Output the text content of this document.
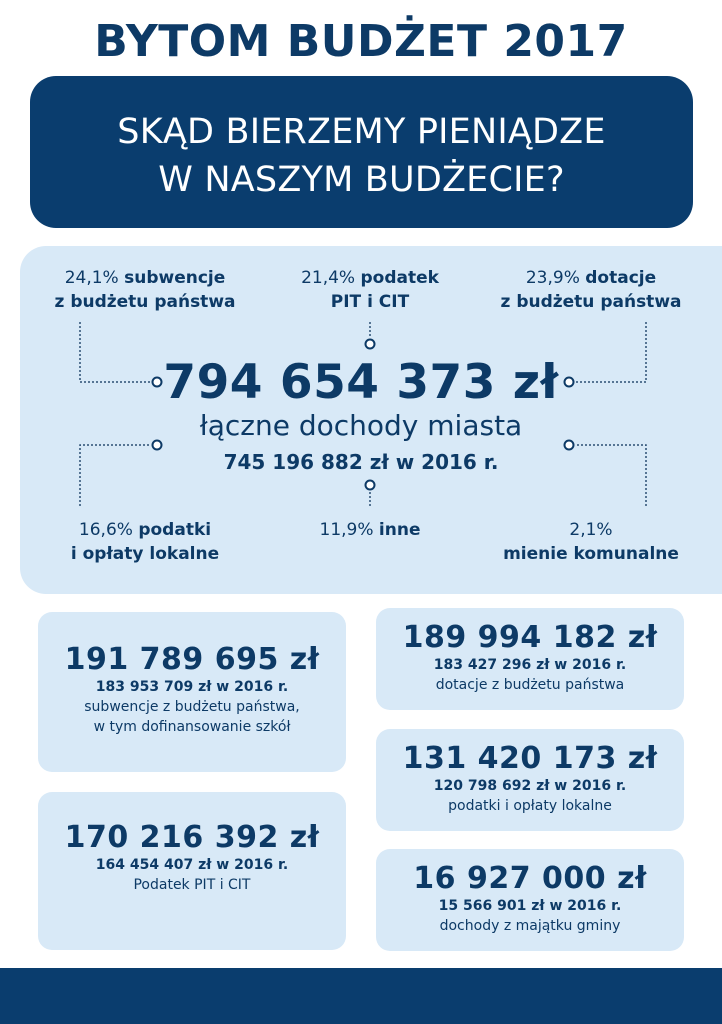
BYTOM BUDŻET 2017
SKĄD BIERZEMY PIENIĄDZE
W NASZYM BUDŻECIE?
24,1% subwencje
z budżetu państwa
21,4% podatek
PIT i CIT
23,9% dotacje
z budżetu państwa
794 654 373 zł
łączne dochody miasta
745 196 882 zł w 2016 r.
16,6% podatki
i opłaty lokalne
11,9% inne	2,1%
mienie komunalne
191 789 695 zł
183 953 709 zł w 2016 r.
subwencje z budżetu państwa,
w tym dofinansowanie szkół
170 216 392 zł
164 454 407 zł w 2016 r.
Podatek PIT i CIT
189 994 182 zł
183 427 296 zł w 2016 r.
dotacje z budżetu państwa
131 420 173 zł
120 798 692 zł w 2016 r.
podatki i opłaty lokalne
16 927 000 zł
15 566 901 zł w 2016 r.
dochody z majątku gminy
